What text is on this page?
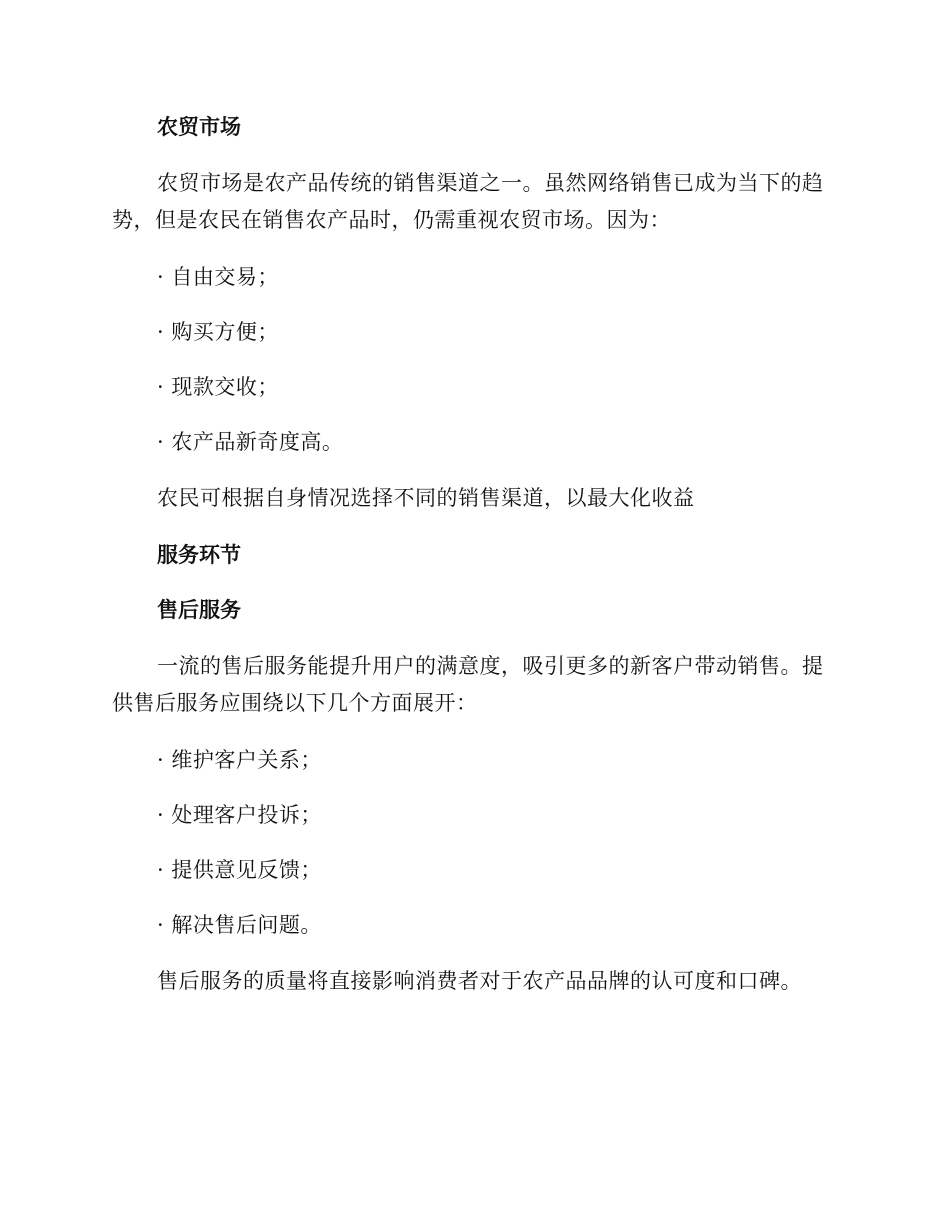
农贸市场

农贸市场是农产品传统的销售渠道之一。虽然网络销售已成为当下的趋势，但是农民在销售农产品时，仍需重视农贸市场。因为：

· 自由交易；

· 购买方便；

· 现款交收；

· 农产品新奇度高。

农民可根据自身情况选择不同的销售渠道，以最大化收益

服务环节

售后服务

一流的售后服务能提升用户的满意度，吸引更多的新客户带动销售。提供售后服务应围绕以下几个方面展开：

· 维护客户关系；

· 处理客户投诉；

· 提供意见反馈；

· 解决售后问题。

售后服务的质量将直接影响消费者对于农产品品牌的认可度和口碑。
